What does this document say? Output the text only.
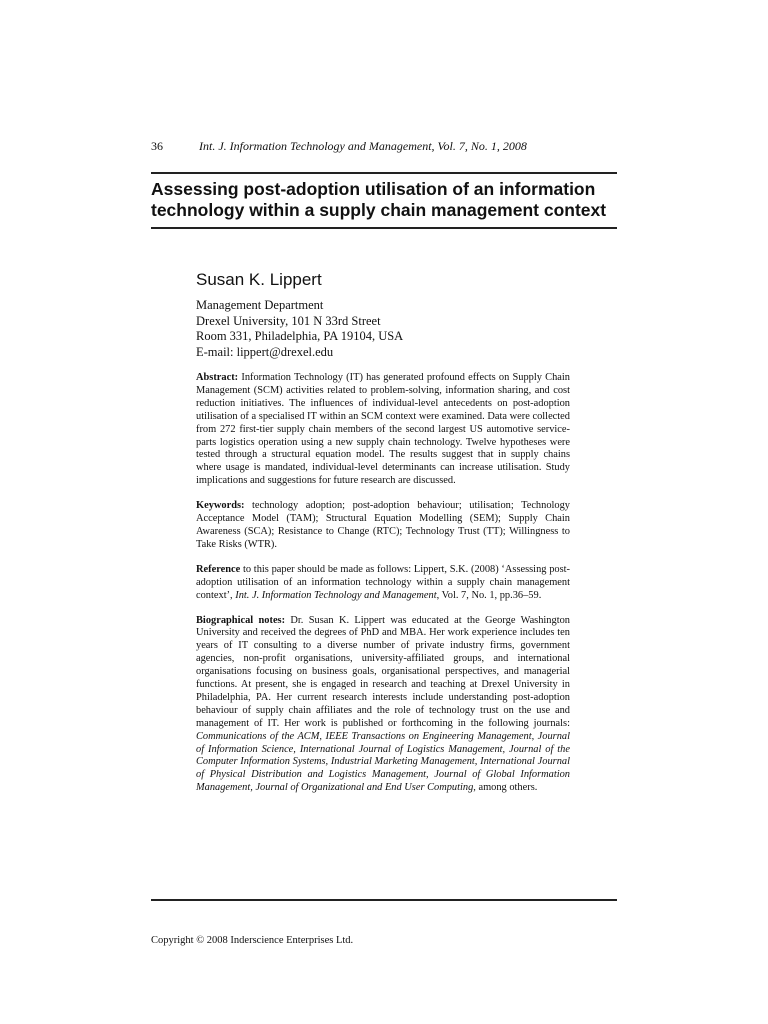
36	Int. J. Information Technology and Management, Vol. 7, No. 1, 2008
Assessing post-adoption utilisation of an information technology within a supply chain management context
Susan K. Lippert
Management Department
Drexel University, 101 N 33rd Street
Room 331, Philadelphia, PA 19104, USA
E-mail: lippert@drexel.edu

Abstract: Information Technology (IT) has generated profound effects on Supply Chain Management (SCM) activities related to problem-solving, information sharing, and cost reduction initiatives. The influences of individual-level antecedents on post-adoption utilisation of a specialised IT within an SCM context were examined. Data were collected from 272 first-tier supply chain members of the second largest US automotive service-parts logistics operation using a new supply chain technology. Twelve hypotheses were tested through a structural equation model. The results suggest that in supply chains where usage is mandated, individual-level determinants can increase utilisation. Study implications and suggestions for future research are discussed.

Keywords: technology adoption; post-adoption behaviour; utilisation; Technology Acceptance Model (TAM); Structural Equation Modelling (SEM); Supply Chain Awareness (SCA); Resistance to Change (RTC); Technology Trust (TT); Willingness to Take Risks (WTR).

Reference to this paper should be made as follows: Lippert, S.K. (2008) ‘Assessing post-adoption utilisation of an information technology within a supply chain management context’, Int. J. Information Technology and Management, Vol. 7, No. 1, pp.36–59.

Biographical notes: Dr. Susan K. Lippert was educated at the George Washington University and received the degrees of PhD and MBA. Her work experience includes ten years of IT consulting to a diverse number of private industry firms, government agencies, non-profit organisations, university-affiliated groups, and international organisations focusing on business goals, organisational perspectives, and managerial functions. At present, she is engaged in research and teaching at Drexel University in Philadelphia, PA. Her current research interests include understanding post-adoption behaviour of supply chain affiliates and the role of technology trust on the use and management of IT. Her work is published or forthcoming in the following journals: Communications of the ACM, IEEE Transactions on Engineering Management, Journal of Information Science, International Journal of Logistics Management, Journal of the Computer Information Systems, Industrial Marketing Management, International Journal of Physical Distribution and Logistics Management, Journal of Global Information Management, Journal of Organizational and End User Computing, among others.

Copyright © 2008 Inderscience Enterprises Ltd.
